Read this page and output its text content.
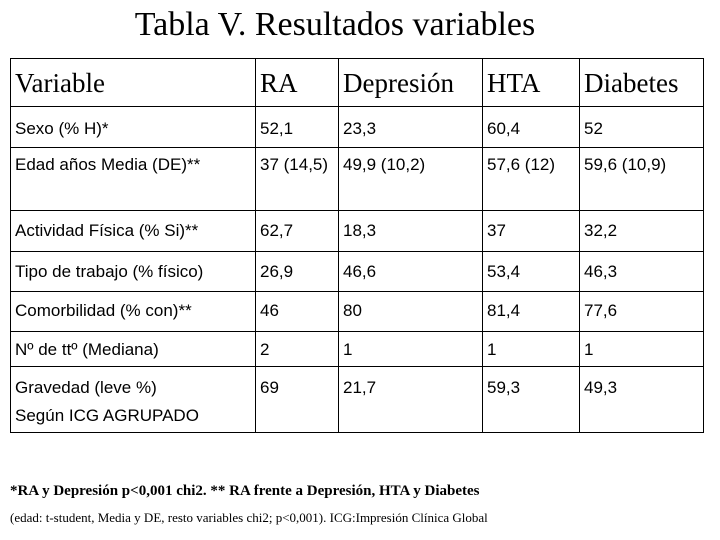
Tabla V. Resultados variables
Variable	RA	Depresión	HTA	Diabetes
Sexo (% H)*	52,1	23,3	60,4	52
Edad años Media (DE)**	37 (14,5)	49,9 (10,2)	57,6 (12)	59,6 (10,9)
Actividad Física (% Si)**	62,7	18,3	37	32,2
Tipo de trabajo (% físico)	26,9	46,6	53,4	46,3
Comorbilidad (% con)**	46	80	81,4	77,6
Nº de ttº (Mediana)	2	1	1	1
Gravedad (leve %)
Según ICG AGRUPADO	69	21,7	59,3	49,3
*RA y Depresión p<0,001 chi2. ** RA frente a Depresión, HTA y Diabetes
(edad: t-student, Media y DE, resto variables chi2; p<0,001). ICG:Impresión Clínica Global
